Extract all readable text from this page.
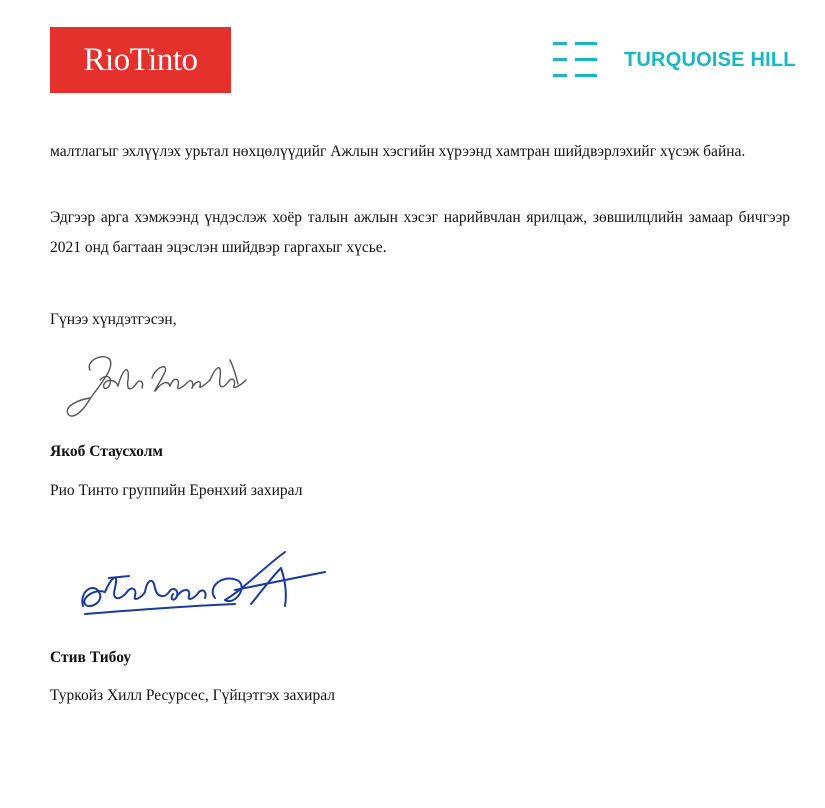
RioTinto	TURQUOISE HILL
малтлагыг эхлүүлэх урьтал нөхцөлүүдийг Ажлын хэсгийн хүрээнд хамтран шийдвэрлэхийг хүсэж байна.
Эдгээр арга хэмжээнд үндэслэж хоёр талын ажлын хэсэг нарийвчлан ярилцаж, зөвшилцлийн замаар бичгээр 2021 онд багтаан эцэслэн шийдвэр гаргахыг хүсье.
Гүнээ хүндэтгэсэн,
Якоб Стаусхолм
Рио Тинто группийн Ерөнхий захирал
Стив Тибоу
Туркойз Хилл Ресурсес, Гүйцэтгэх захирал
